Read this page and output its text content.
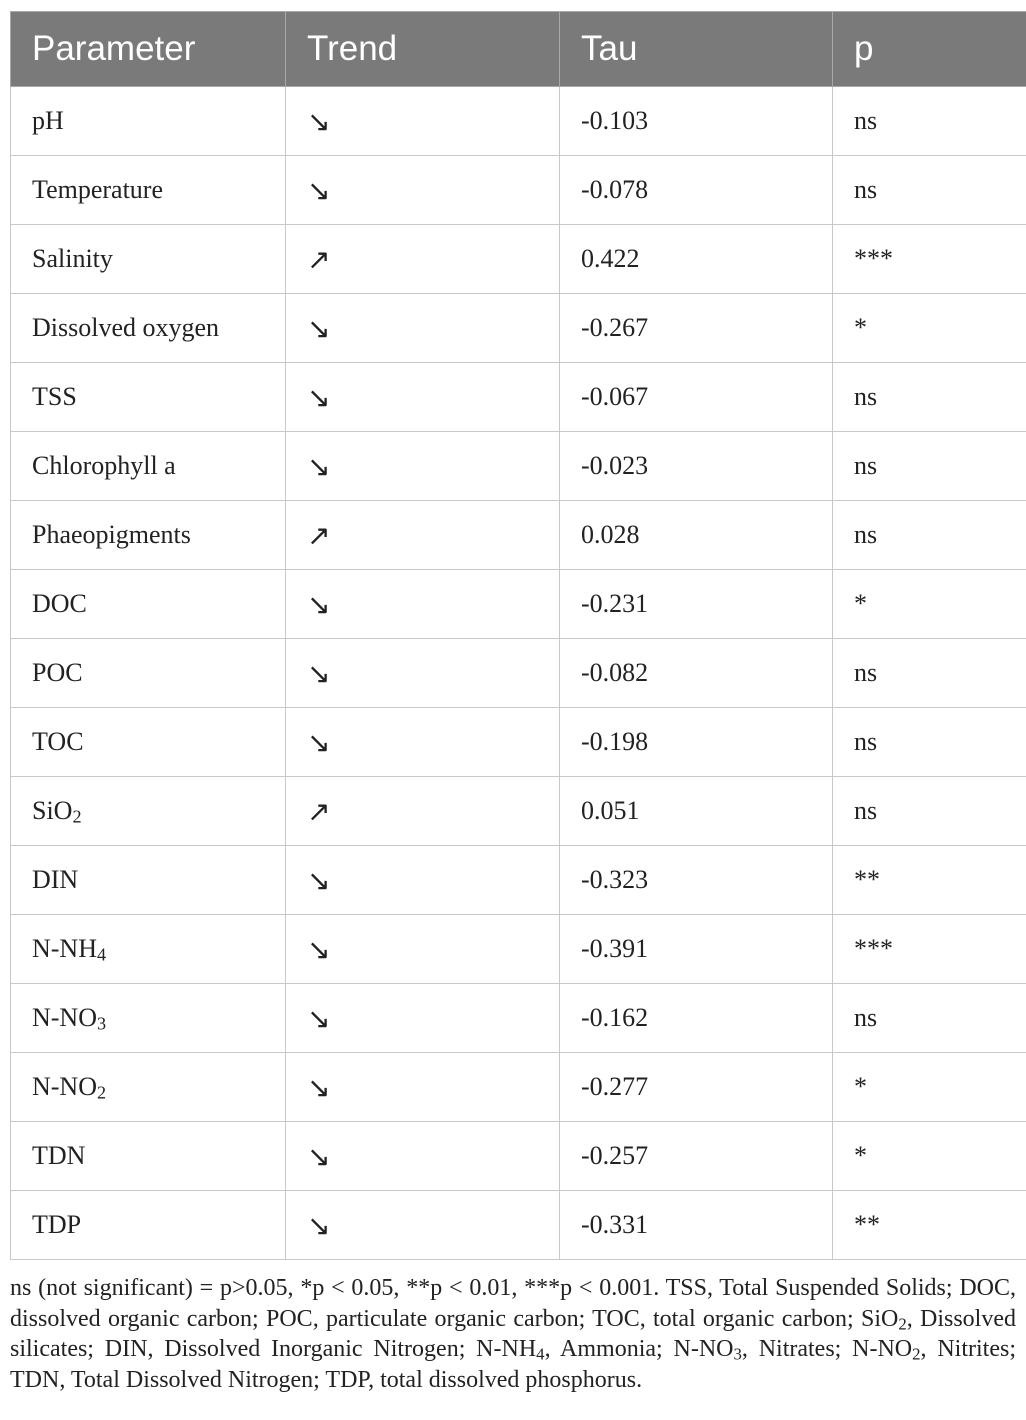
Parameter	Trend	Tau	p
pH	↘	-0.103	ns
Temperature	↘	-0.078	ns
Salinity	↗	0.422	***
Dissolved oxygen	↘	-0.267	*
TSS	↘	-0.067	ns
Chlorophyll a	↘	-0.023	ns
Phaeopigments	↗	0.028	ns
DOC	↘	-0.231	*
POC	↘	-0.082	ns
TOC	↘	-0.198	ns
SiO$_2$	↗	0.051	ns
DIN	↘	-0.323	**
$N-NH_4$	↘	-0.391	***
$N-NO_3$	↘	-0.162	ns
$N-NO_2$	↘	-0.277	*
TDN	↘	-0.257	*
TDP	↘	-0.331	**
ns (not significant) = p>0.05, *p < 0.05, **p < 0.01, ***p < 0.001. TSS, Total Suspended Solids; DOC, dissolved organic carbon; POC, particulate organic carbon; TOC, total organic carbon; SiO$_2$, Dissolved silicates; DIN, Dissolved Inorganic Nitrogen; $N-NH_4$, Ammonia; $N-NO_3$, Nitrates; $N-NO_2$, Nitrites; TDN, Total Dissolved Nitrogen; TDP, total dissolved phosphorus.
